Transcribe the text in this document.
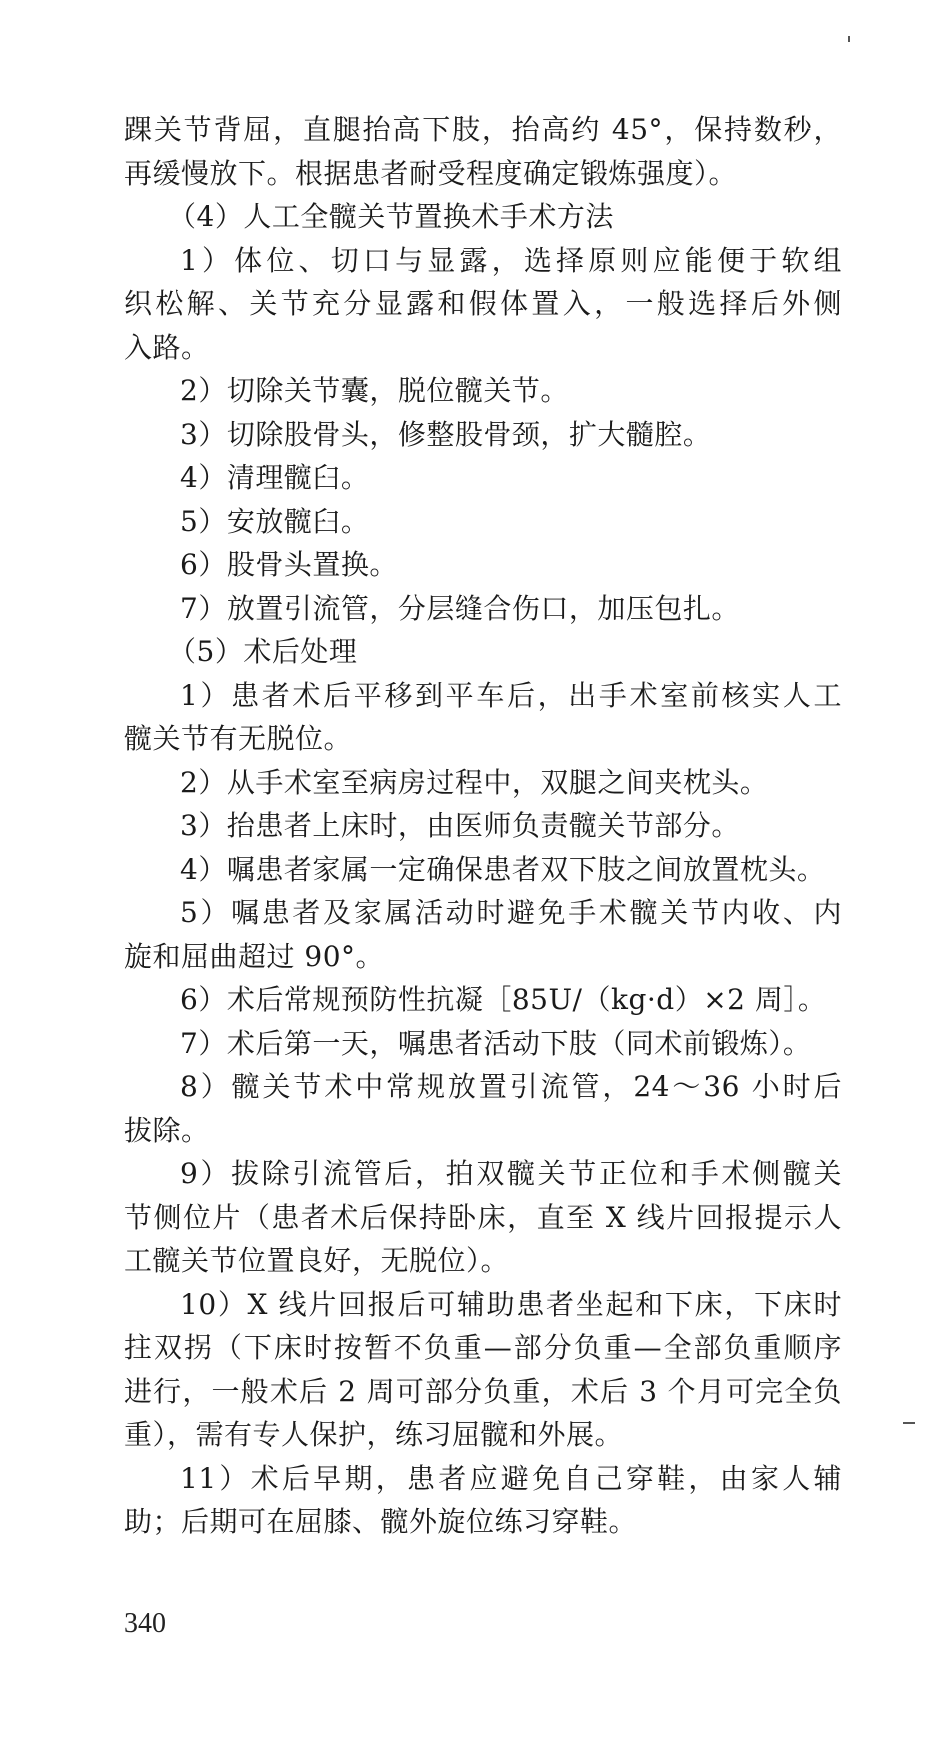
踝关节背屈，直腿抬高下肢，抬高约 45°，保持数秒，
再缓慢放下。根据患者耐受程度确定锻炼强度）。
（4）人工全髋关节置换术手术方法
1）体位、切口与显露，选择原则应能便于软组
织松解、关节充分显露和假体置入，一般选择后外侧
入路。
2）切除关节囊，脱位髋关节。
3）切除股骨头，修整股骨颈，扩大髓腔。
4）清理髋臼。
5）安放髋臼。
6）股骨头置换。
7）放置引流管，分层缝合伤口，加压包扎。
（5）术后处理
1）患者术后平移到平车后，出手术室前核实人工
髋关节有无脱位。
2）从手术室至病房过程中，双腿之间夹枕头。
3）抬患者上床时，由医师负责髋关节部分。
4）嘱患者家属一定确保患者双下肢之间放置枕头。
5）嘱患者及家属活动时避免手术髋关节内收、内
旋和屈曲超过 90°。
6）术后常规预防性抗凝［85U/（kg·d）×2 周］。
7）术后第一天，嘱患者活动下肢（同术前锻炼）。
8）髋关节术中常规放置引流管，24～36 小时后
拔除。
9）拔除引流管后，拍双髋关节正位和手术侧髋关
节侧位片（患者术后保持卧床，直至 X 线片回报提示人
工髋关节位置良好，无脱位）。
10）X 线片回报后可辅助患者坐起和下床，下床时
拄双拐（下床时按暂不负重—部分负重—全部负重顺序
进行，一般术后 2 周可部分负重，术后 3 个月可完全负
重），需有专人保护，练习屈髋和外展。
11）术后早期，患者应避免自己穿鞋，由家人辅
助；后期可在屈膝、髋外旋位练习穿鞋。
340
